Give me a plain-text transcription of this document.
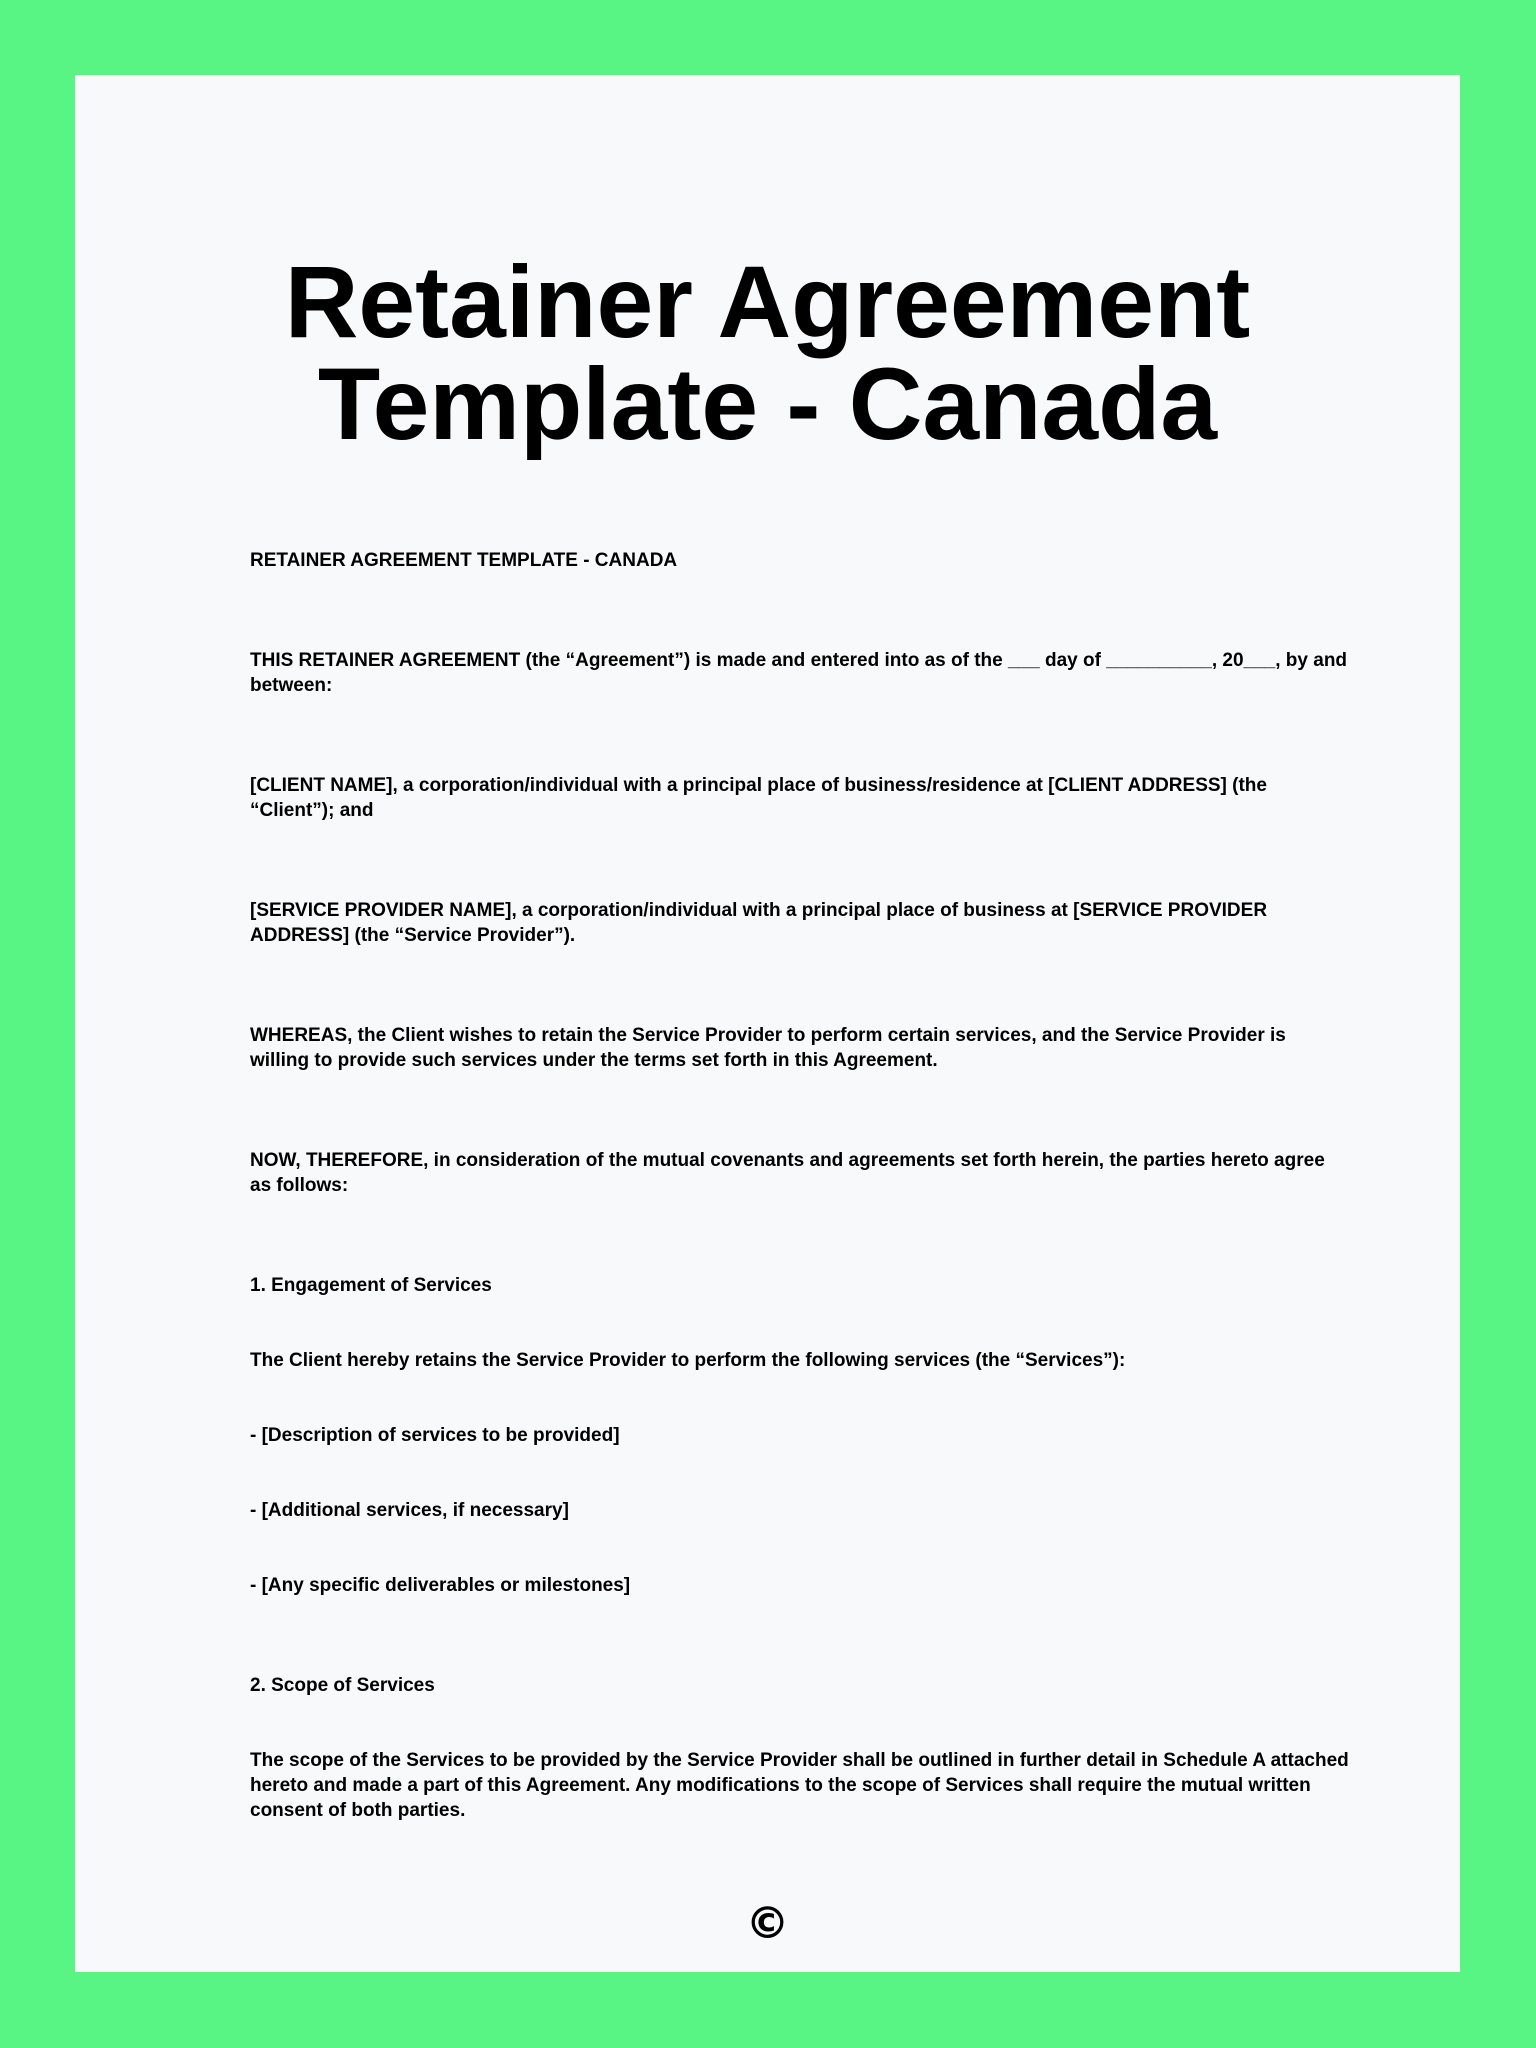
Retainer Agreement
Template - Canada
RETAINER AGREEMENT TEMPLATE - CANADA
THIS RETAINER AGREEMENT (the “Agreement”) is made and entered into as of the ___ day of __________, 20___, by and between:
[CLIENT NAME], a corporation/individual with a principal place of business/residence at [CLIENT ADDRESS] (the “Client”); and
[SERVICE PROVIDER NAME], a corporation/individual with a principal place of business at [SERVICE PROVIDER ADDRESS] (the “Service Provider”).
WHEREAS, the Client wishes to retain the Service Provider to perform certain services, and the Service Provider is willing to provide such services under the terms set forth in this Agreement.
NOW, THEREFORE, in consideration of the mutual covenants and agreements set forth herein, the parties hereto agree as follows:
1. Engagement of Services
The Client hereby retains the Service Provider to perform the following services (the “Services”):
- [Description of services to be provided]
- [Additional services, if necessary]
- [Any specific deliverables or milestones]
2. Scope of Services
The scope of the Services to be provided by the Service Provider shall be outlined in further detail in Schedule A attached hereto and made a part of this Agreement. Any modifications to the scope of Services shall require the mutual written consent of both parties.
©
